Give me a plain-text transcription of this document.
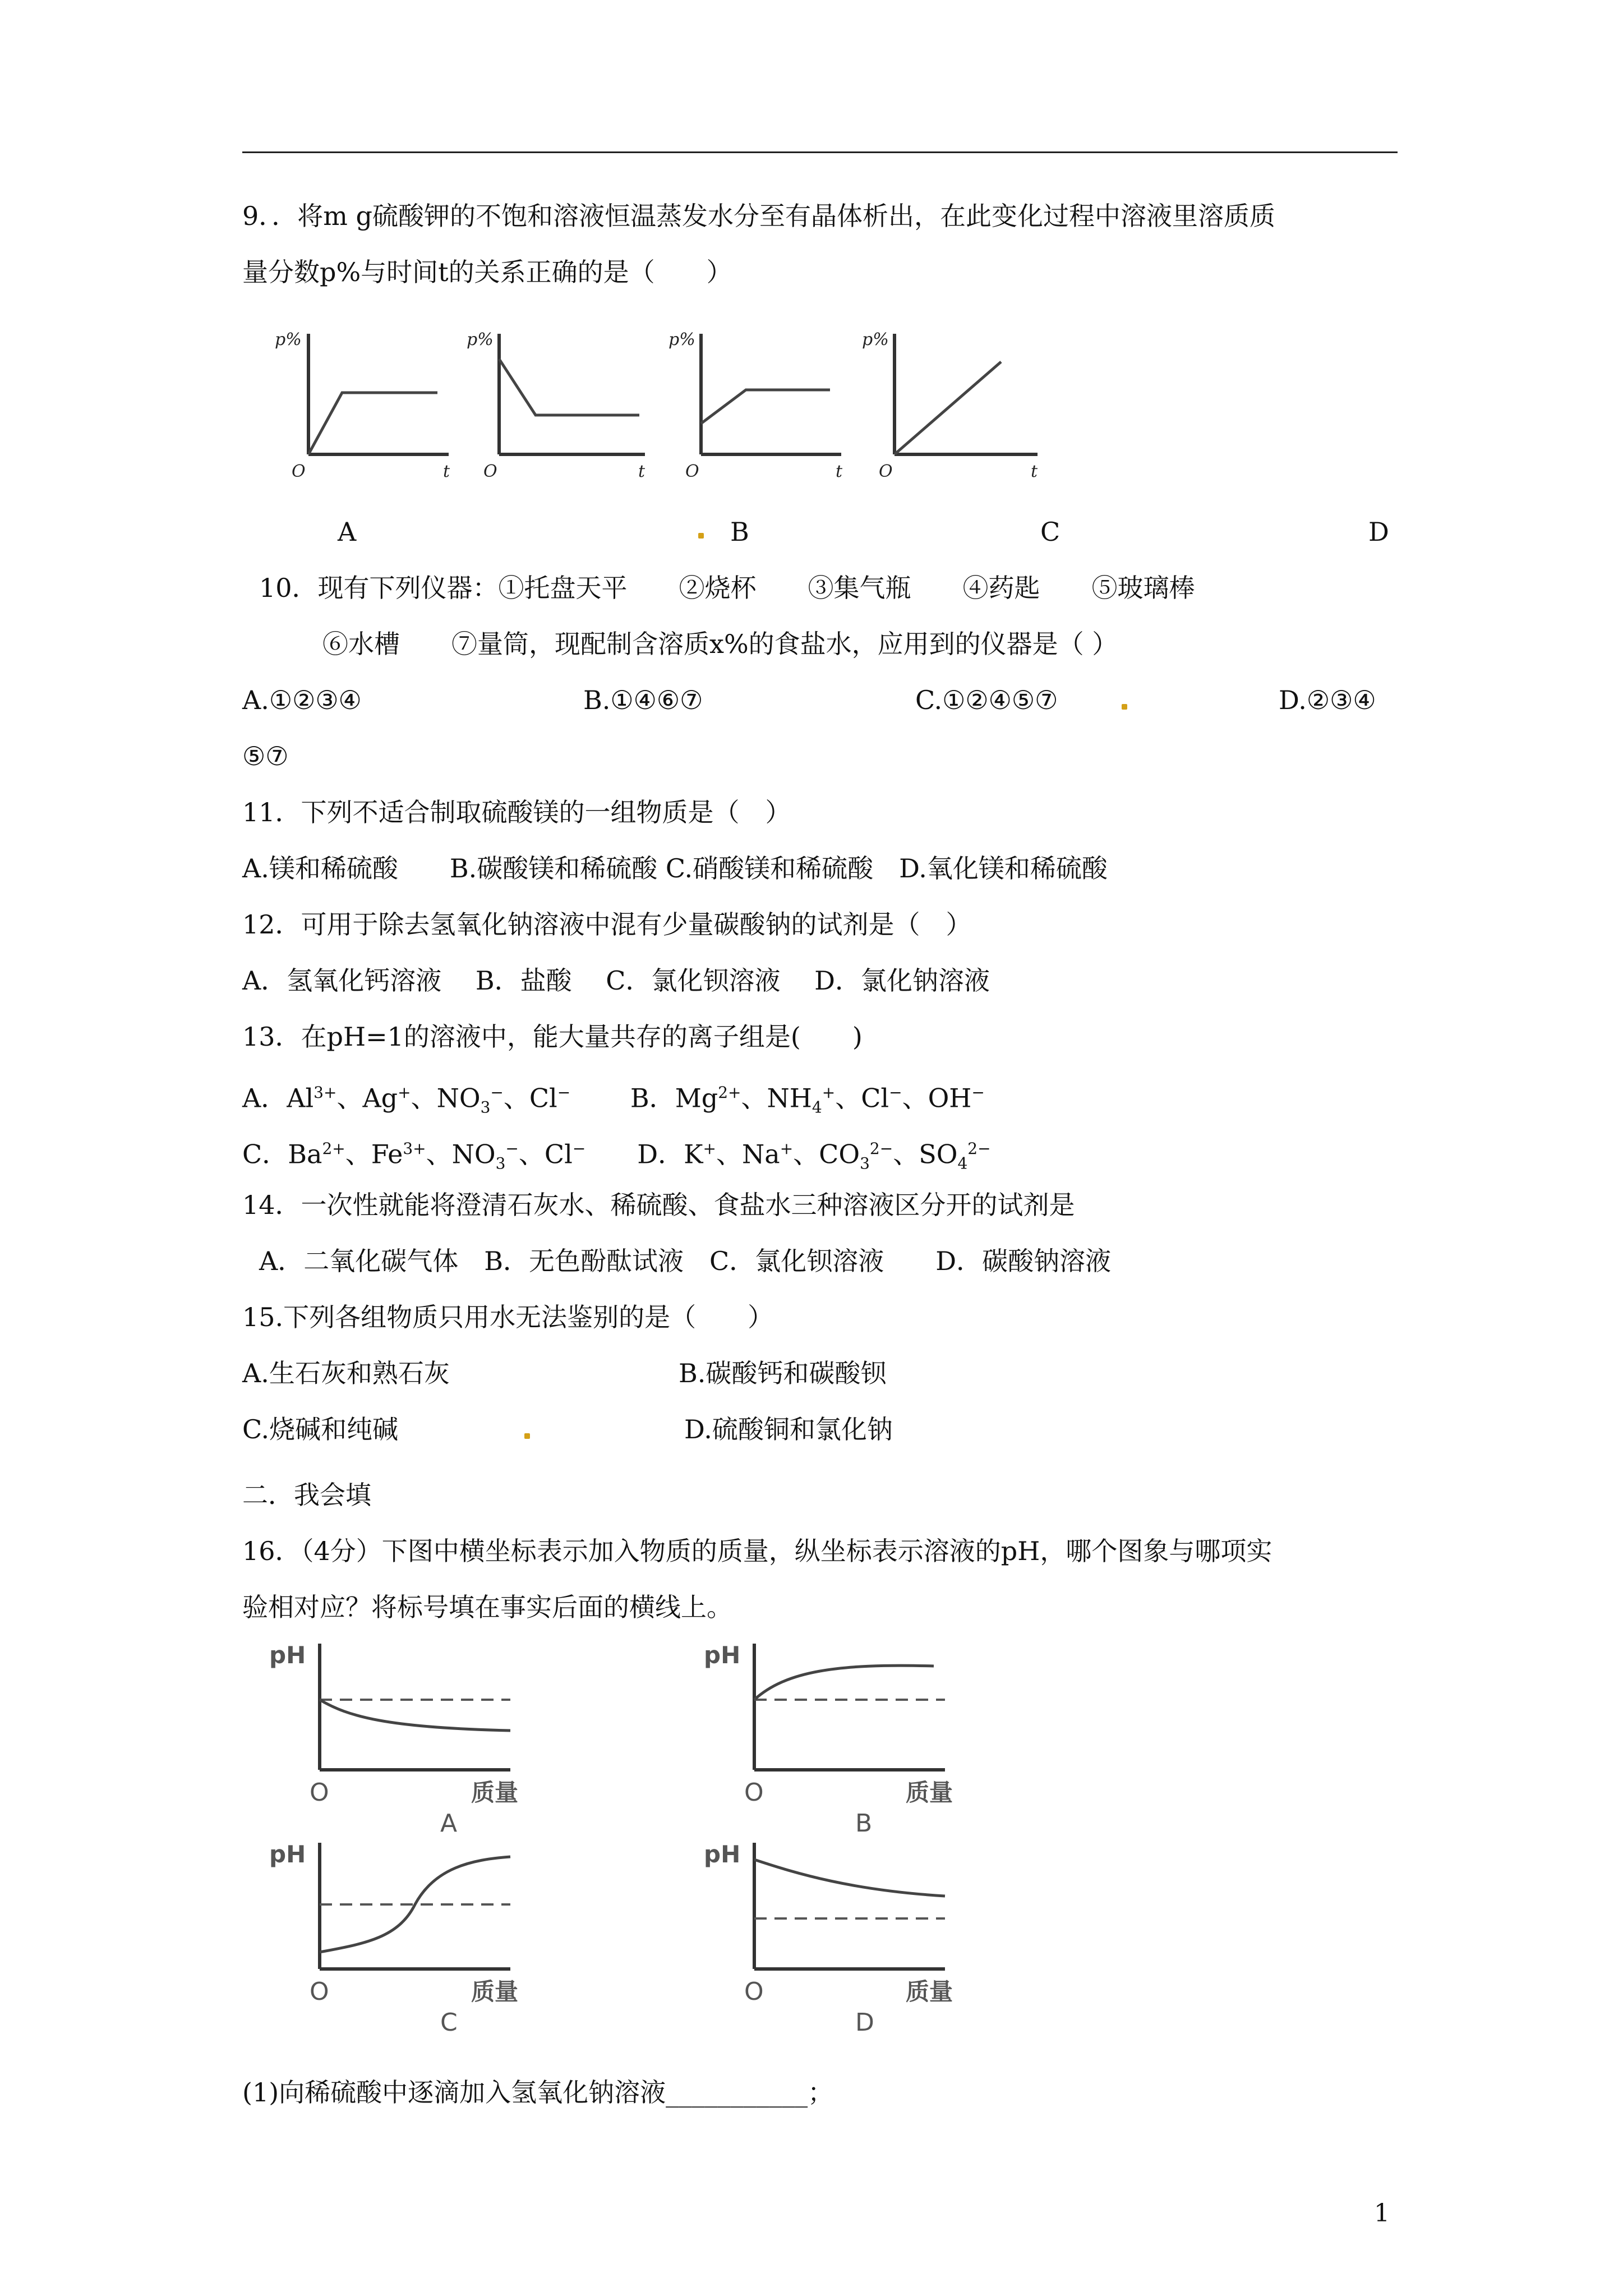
9．．将m g硫酸钾的不饱和溶液恒温蒸发水分至有晶体析出，在此变化过程中溶液里溶质质
量分数p%与时间t的关系正确的是（　　）
p%
O	t
p%
O	t
p%
O	t
p%
O	t
A	B	C	D
10．现有下列仪器：①托盘天平　　②烧杯　　③集气瓶　　④药匙　　⑤玻璃棒
⑥水槽　　⑦量筒，现配制含溶质x%的食盐水，应用到的仪器是（ ）
A.①②③④	B.①④⑥⑦	C.①②④⑤⑦	D.②③④
⑤⑦
11．下列不适合制取硫酸镁的一组物质是（　）
A.镁和稀硫酸　　B.碳酸镁和稀硫酸 C.硝酸镁和稀硫酸　D.氧化镁和稀硫酸
12．可用于除去氢氧化钠溶液中混有少量碳酸钠的试剂是（　）
A．氢氧化钙溶液　 B．盐酸　 C．氯化钡溶液　 D．氯化钠溶液
13．在pH=1的溶液中，能大量共存的离子组是(　　)
A．$Al^{3+}$、Ag+、$NO_3^-$、Cl−　　 B．$Mg^{2+}$、$NH_4^+$、Cl−、OH−
C．$Ba^{2+}$、$Fe^{3+}$、$NO_3^-$、Cl−　　 D．K+、Na+、$CO_3^{2-}$、$SO_4^{2-}$
14．一次性就能将澄清石灰水、稀硫酸、食盐水三种溶液区分开的试剂是
A．二氧化碳气体　B．无色酚酞试液　C．氯化钡溶液　　D．碳酸钠溶液
15.下列各组物质只用水无法鉴别的是（　　）
A.生石灰和熟石灰	B.碳酸钙和碳酸钡
C.烧碱和纯碱	D.硫酸铜和氯化钠
二．我会填
16．（4分）下图中横坐标表示加入物质的质量，纵坐标表示溶液的pH，哪个图象与哪项实
验相对应？将标号填在事实后面的横线上。
pH
O	质量
A
pH
O	质量
B
pH
O	质量
C
pH
O	质量
D
(1)向稀硫酸中逐滴加入氢氧化钠溶液___________；
1
